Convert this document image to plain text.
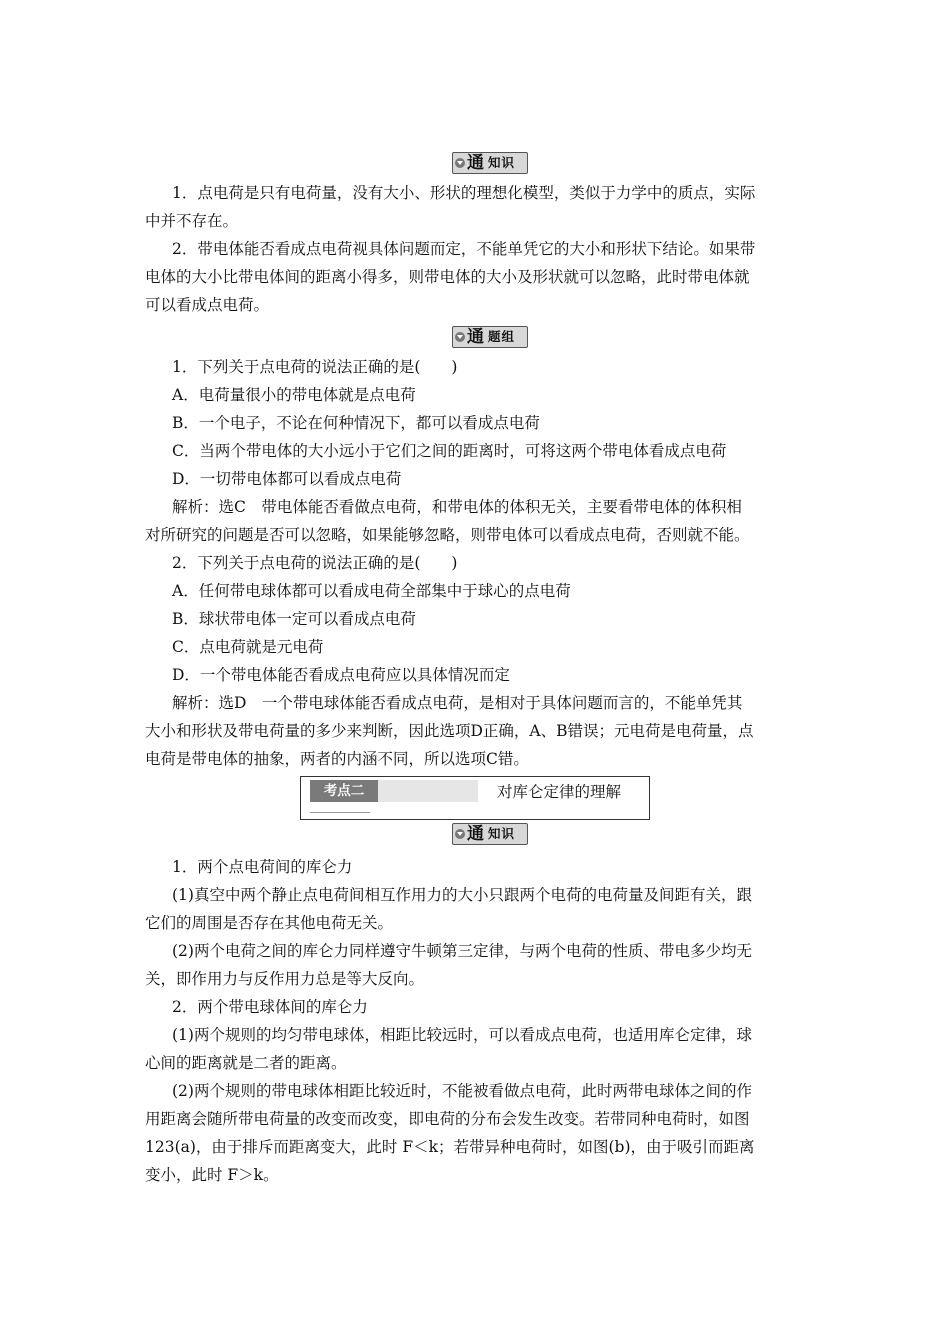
通 知识
1．点电荷是只有电荷量，没有大小、形状的理想化模型，类似于力学中的质点，实际
中并不存在。
2．带电体能否看成点电荷视具体问题而定，不能单凭它的大小和形状下结论。如果带
电体的大小比带电体间的距离小得多，则带电体的大小及形状就可以忽略，此时带电体就
可以看成点电荷。
通 题组
1．下列关于点电荷的说法正确的是(　　)
A．电荷量很小的带电体就是点电荷
B．一个电子，不论在何种情况下，都可以看成点电荷
C．当两个带电体的大小远小于它们之间的距离时，可将这两个带电体看成点电荷
D．一切带电体都可以看成点电荷
解析：选C　带电体能否看做点电荷，和带电体的体积无关，主要看带电体的体积相
对所研究的问题是否可以忽略，如果能够忽略，则带电体可以看成点电荷，否则就不能。
2．下列关于点电荷的说法正确的是(　　)
A．任何带电球体都可以看成电荷全部集中于球心的点电荷
B．球状带电体一定可以看成点电荷
C．点电荷就是元电荷
D．一个带电体能否看成点电荷应以具体情况而定
解析：选D　一个带电球体能否看成点电荷，是相对于具体问题而言的，不能单凭其
大小和形状及带电荷量的多少来判断，因此选项D正确，A、B错误；元电荷是电荷量，点
电荷是带电体的抽象，两者的内涵不同，所以选项C错。
考点二	对库仑定律的理解
通 知识
1．两个点电荷间的库仑力
(1)真空中两个静止点电荷间相互作用力的大小只跟两个电荷的电荷量及间距有关，跟
它们的周围是否存在其他电荷无关。
(2)两个电荷之间的库仑力同样遵守牛顿第三定律，与两个电荷的性质、带电多少均无
关，即作用力与反作用力总是等大反向。
2．两个带电球体间的库仑力
(1)两个规则的均匀带电球体，相距比较远时，可以看成点电荷，也适用库仑定律，球
心间的距离就是二者的距离。
(2)两个规则的带电球体相距比较近时，不能被看做点电荷，此时两带电球体之间的作
用距离会随所带电荷量的改变而改变，即电荷的分布会发生改变。若带同种电荷时，如图
123(a)，由于排斥而距离变大，此时 F＜k；若带异种电荷时，如图(b)，由于吸引而距离
变小，此时 F＞k。
